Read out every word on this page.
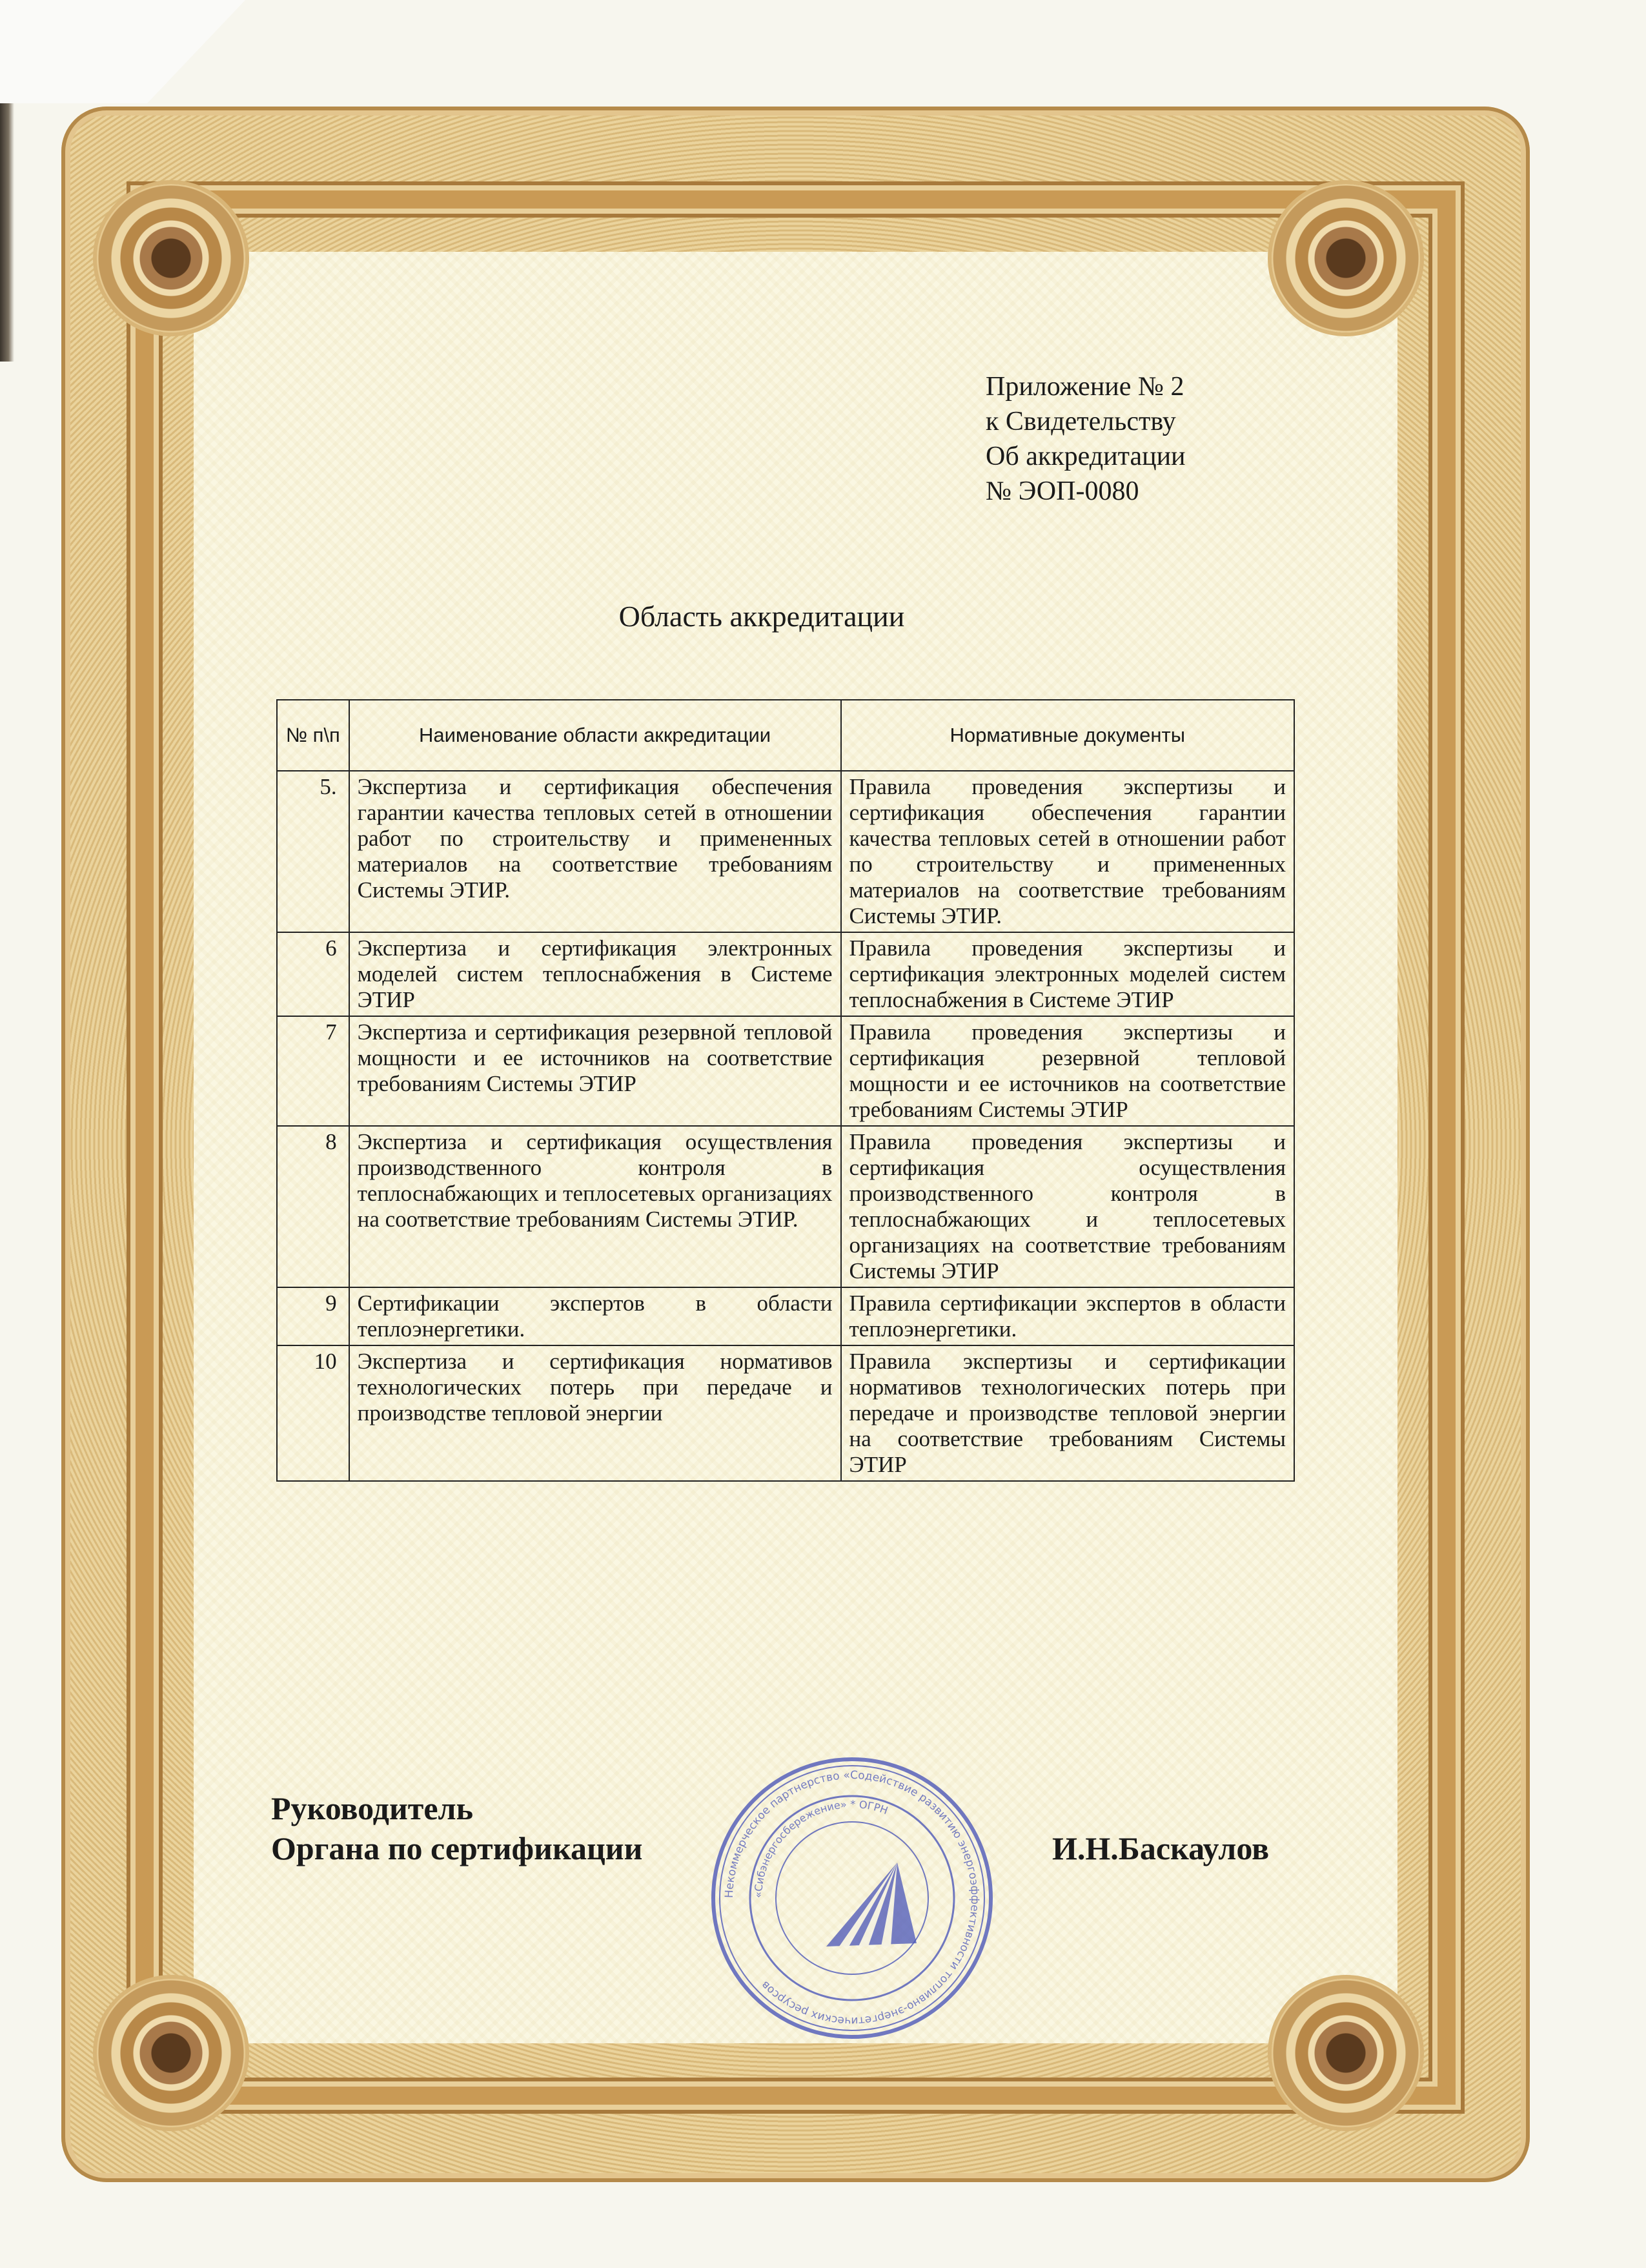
Приложение № 2
к Свидетельству
Об аккредитации
№ ЭОП-0080
Область аккредитации
№ п\п	Наименование области аккредитации	Нормативные документы
5.	Экспертиза и сертификация обеспечения гарантии качества тепловых сетей в отношении работ по строительству и примененных материалов на соответствие требованиям Системы ЭТИР.	Правила проведения экспертизы и сертификация обеспечения гарантии качества тепловых сетей в отношении работ по строительству и примененных материалов на соответствие требованиям Системы ЭТИР.
6	Экспертиза и сертификация электронных моделей систем теплоснабжения в Системе ЭТИР	Правила проведения экспертизы и сертификация электронных моделей систем теплоснабжения в Системе ЭТИР
7	Экспертиза и сертификация резервной тепловой мощности и ее источников на соответствие требованиям Системы ЭТИР	Правила проведения экспертизы и сертификация резервной тепловой мощности и ее источников на соответствие требованиям Системы ЭТИР
8	Экспертиза и сертификация осуществления производственного контроля в теплоснабжающих и теплосетевых организациях на соответствие требованиям Системы ЭТИР.	Правила проведения экспертизы и сертификация осуществления производственного контроля в теплоснабжающих и теплосетевых организациях на соответствие требованиям Системы ЭТИР
9	Сертификации экспертов в области теплоэнергетики.	Правила сертификации экспертов в области теплоэнергетики.
10	Экспертиза и сертификация нормативов технологических потерь при передаче и производстве тепловой энергии	Правила экспертизы и сертификации нормативов технологических потерь при передаче и производстве тепловой энергии на соответствие требованиям Системы ЭТИР
Руководитель
Органа по сертификации	И.Н.Баскаулов
Некоммерческое партнерство «Содействие развитию энергоэффективности топливно-энергетических ресурсов
«Сибэнергосбережение» * ОГРН
